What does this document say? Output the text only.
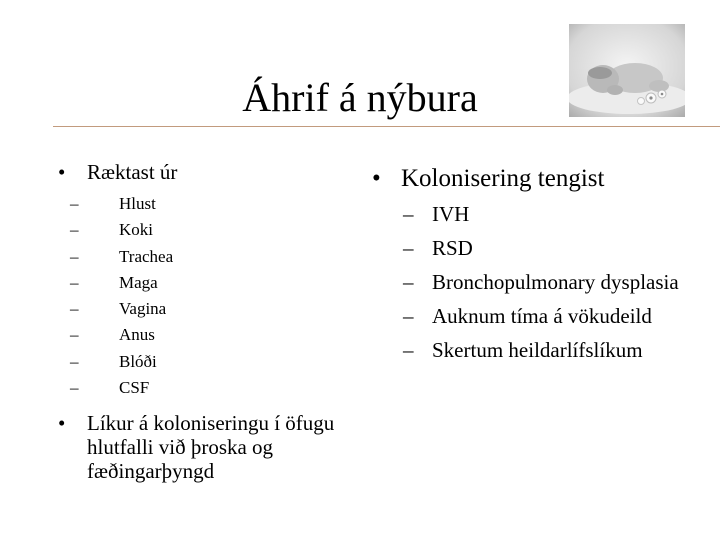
Áhrif á nýbura
• Ræktast úr
– Hlust
– Koki
– Trachea
– Maga
– Vagina
– Anus
– Blóði
– CSF
• Líkur á koloniseringu í öfugu hlutfalli við þroska og fæðingarþyngd
• Kolonisering tengist
– IVH
– RSD
– Bronchopulmonary dysplasia
– Auknum tíma á vökudeild
– Skertum heildarlífslíkum
